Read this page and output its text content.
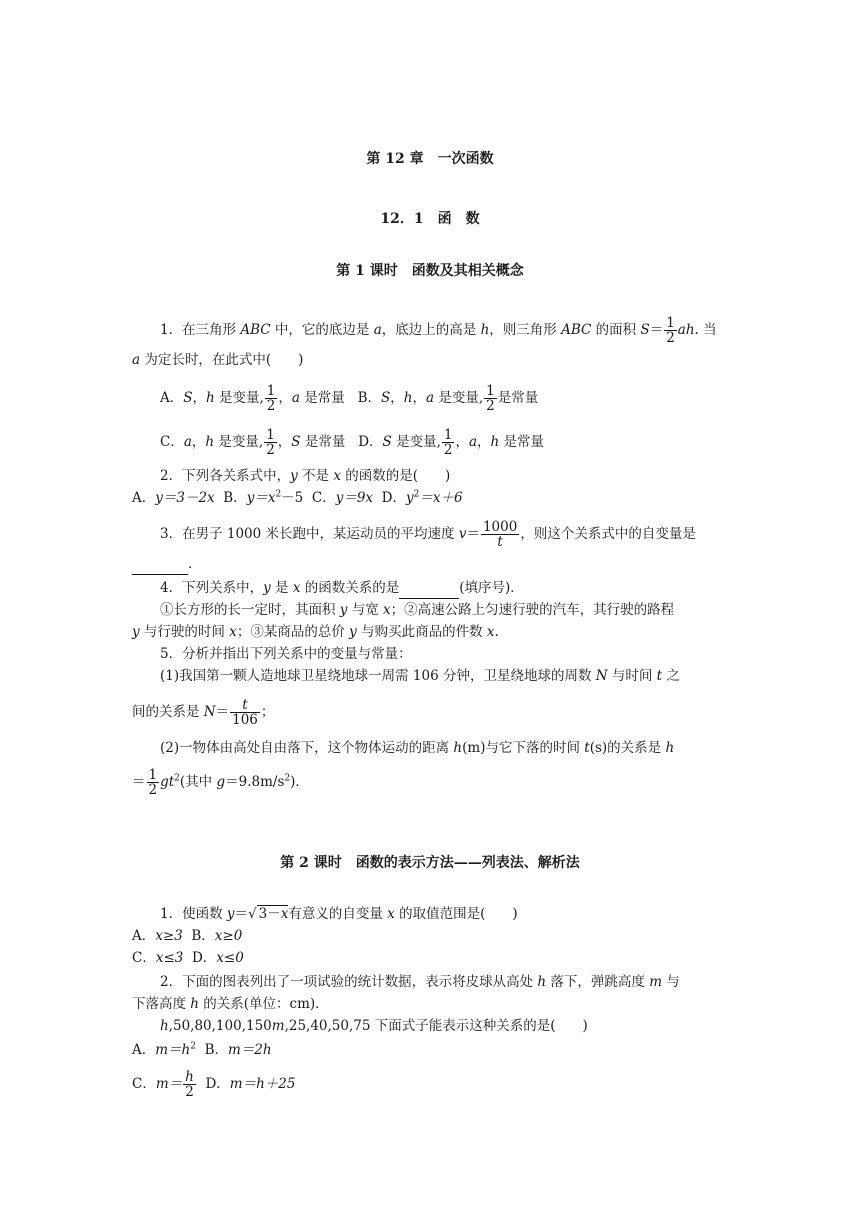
第 12 章　一次函数
12．1　函　数
第 1 课时　函数及其相关概念
1．在三角形 ABC 中，它的底边是 a，底边上的高是 h，则三角形 ABC 的面积 $S= \frac{1}{2}$ ah. 当
a 为定长时，在此式中(　　)
A．S，h 是变量, $\frac{1}{2}$ ，a 是常量 B．S，h，a 是变量, $\frac{1}{2}$ 是常量
C．a，h 是变量, $\frac{1}{2}$ ，S 是常量 D．S 是变量, $\frac{1}{2}$ ，a，h 是常量
2．下列各关系式中，y 不是 x 的函数的是(　　)
A．y＝3－2x B．$y=x^2-5$ C．y＝9x D．$y^2=x+6$
3．在男子 1000 米长跑中，某运动员的平均速度 $v= \frac{1000}{t}$ ，则这个关系式中的自变量是
．
4．下列关系中，y 是 x 的函数关系的是	(填序号)．
①长方形的长一定时，其面积 y 与宽 x；②高速公路上匀速行驶的汽车，其行驶的路程
y 与行驶的时间 x；③某商品的总价 y 与购买此商品的件数 x.
5．分析并指出下列关系中的变量与常量：
(1)我国第一颗人造地球卫星绕地球一周需 106 分钟，卫星绕地球的周数 N 与时间 t 之
间的关系是 $N= \frac{t}{106}$ ；
(2)一物体由高处自由落下，这个物体运动的距离 h(m)与它下落的时间 t(s)的关系是 h
＝ $\frac{1}{2} gt^2$(其中 $g=9.8m/s^2$)．
第 2 课时　函数的表示方法——列表法、解析法
1．使函数 y＝√ 3－x有意义的自变量 x 的取值范围是(　　)
A．x≥3 B．x≥0
C．x≤3 D．x≤0
2．下面的图表列出了一项试验的统计数据，表示将皮球从高处 h 落下，弹跳高度 m 与
下落高度 h 的关系(单位：cm)．
h,50,80,100,150m,25,40,50,75 下面式子能表示这种关系的是(　　)
A．$m=h^2$ B．m＝2h
C．$m= \frac{h}{2}$ D．m＝h＋25
